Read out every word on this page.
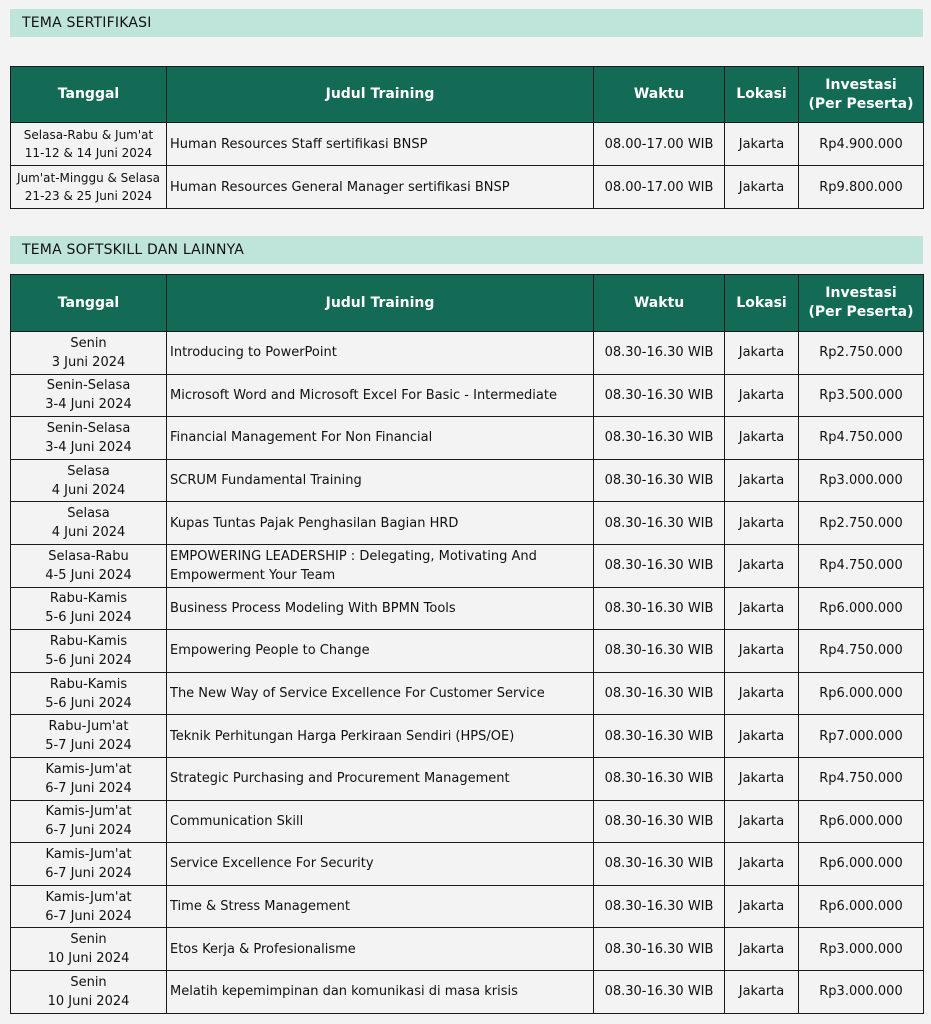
TEMA SERTIFIKASI
Tanggal	Judul Training	Waktu	Lokasi	Investasi
(Per Peserta)

Selasa-Rabu & Jum'at
11-12 & 14 Juni 2024	Human Resources Staff sertifikasi BNSP	08.00-17.00 WIB	Jakarta	Rp4.900.000

Jum'at-Minggu & Selasa
21-23 & 25 Juni 2024	Human Resources General Manager sertifikasi BNSP	08.00-17.00 WIB	Jakarta	Rp9.800.000
TEMA SOFTSKILL DAN LAINNYA
Tanggal	Judul Training	Waktu	Lokasi	Investasi
(Per Peserta)

Senin
3 Juni 2024	Introducing to PowerPoint	08.30-16.30 WIB	Jakarta	Rp2.750.000

Senin-Selasa
3-4 Juni 2024	Microsoft Word and Microsoft Excel For Basic - Intermediate	08.30-16.30 WIB	Jakarta	Rp3.500.000

Senin-Selasa
3-4 Juni 2024	Financial Management For Non Financial	08.30-16.30 WIB	Jakarta	Rp4.750.000

Selasa
4 Juni 2024	SCRUM Fundamental Training	08.30-16.30 WIB	Jakarta	Rp3.000.000

Selasa
4 Juni 2024	Kupas Tuntas Pajak Penghasilan Bagian HRD	08.30-16.30 WIB	Jakarta	Rp2.750.000

Selasa-Rabu
4-5 Juni 2024	EMPOWERING LEADERSHIP : Delegating, Motivating And
Empowerment Your Team	08.30-16.30 WIB	Jakarta	Rp4.750.000

Rabu-Kamis
5-6 Juni 2024	Business Process Modeling With BPMN Tools	08.30-16.30 WIB	Jakarta	Rp6.000.000

Rabu-Kamis
5-6 Juni 2024	Empowering People to Change	08.30-16.30 WIB	Jakarta	Rp4.750.000

Rabu-Kamis
5-6 Juni 2024	The New Way of Service Excellence For Customer Service	08.30-16.30 WIB	Jakarta	Rp6.000.000

Rabu-Jum'at
5-7 Juni 2024	Teknik Perhitungan Harga Perkiraan Sendiri (HPS/OE)	08.30-16.30 WIB	Jakarta	Rp7.000.000

Kamis-Jum'at
6-7 Juni 2024	Strategic Purchasing and Procurement Management	08.30-16.30 WIB	Jakarta	Rp4.750.000

Kamis-Jum'at
6-7 Juni 2024	Communication Skill	08.30-16.30 WIB	Jakarta	Rp6.000.000

Kamis-Jum'at
6-7 Juni 2024	Service Excellence For Security	08.30-16.30 WIB	Jakarta	Rp6.000.000

Kamis-Jum'at
6-7 Juni 2024	Time & Stress Management	08.30-16.30 WIB	Jakarta	Rp6.000.000

Senin
10 Juni 2024	Etos Kerja & Profesionalisme	08.30-16.30 WIB	Jakarta	Rp3.000.000

Senin
10 Juni 2024	Melatih kepemimpinan dan komunikasi di masa krisis	08.30-16.30 WIB	Jakarta	Rp3.000.000
